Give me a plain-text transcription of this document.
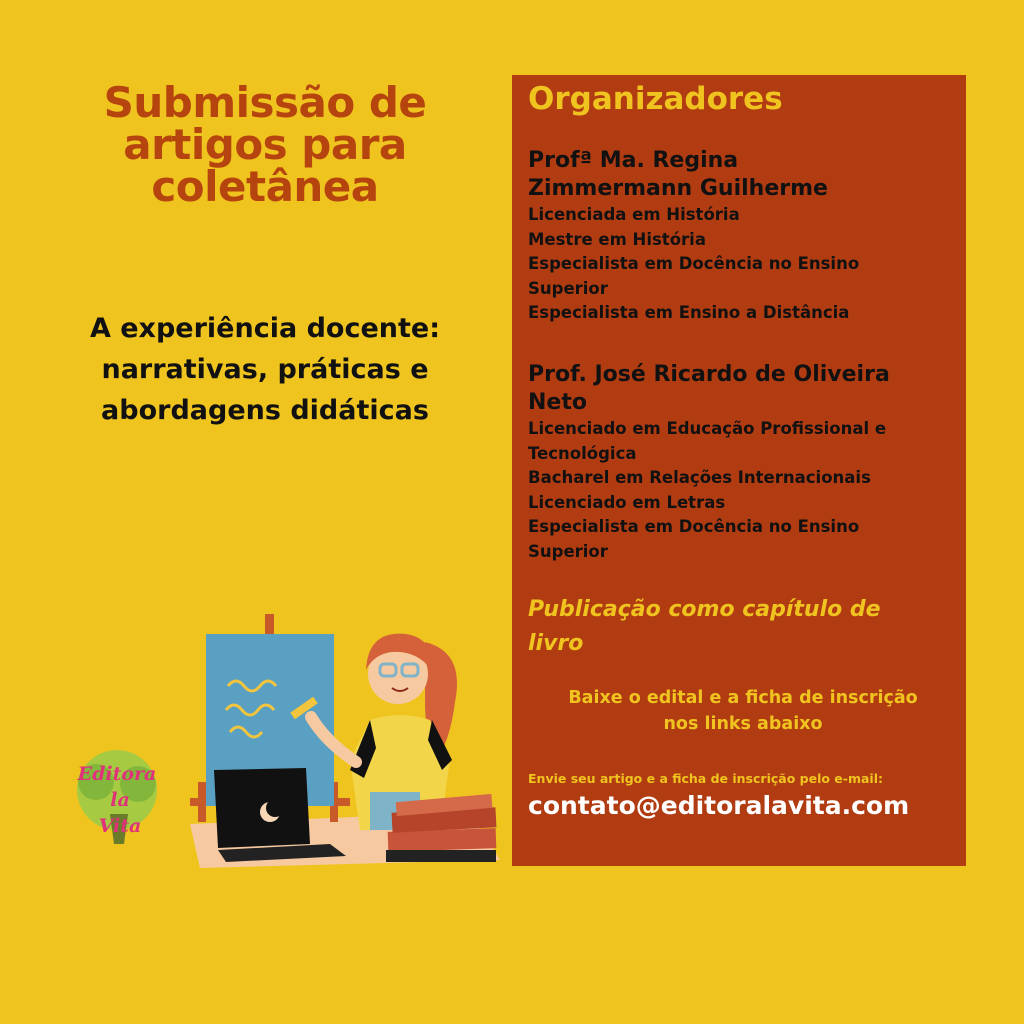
Submissão de
artigos para
coletânea
A experiência docente:
narrativas, práticas e
abordagens didáticas
Organizadores
Profª Ma. Regina
Zimmermann Guilherme
Licenciada em História
Mestre em História
Especialista em Docência no Ensino
Superior
Especialista em Ensino a Distância
Prof. José Ricardo de Oliveira
Neto
Licenciado em Educação Profissional e
Tecnológica
Bacharel em Relações Internacionais
Licenciado em Letras
Especialista em Docência no Ensino
Superior
Publicação como capítulo de
livro
Baixe o edital e a ficha de inscrição
nos links abaixo
Envie seu artigo e a ficha de inscrição pelo e-mail:
contato@editoralavita.com
Editora
la
Vita
